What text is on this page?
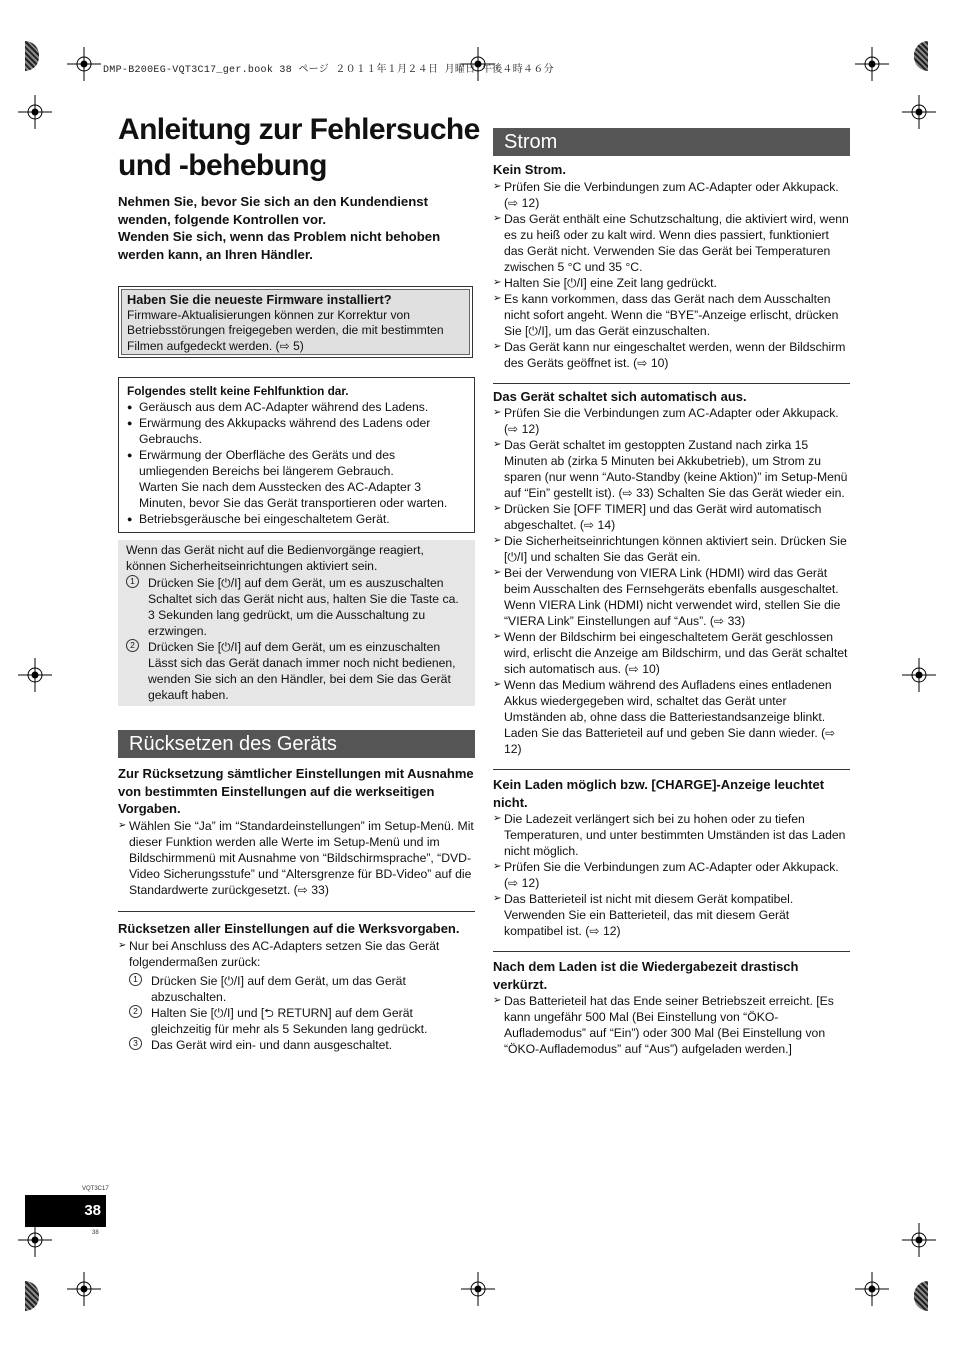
DMP-B200EG-VQT3C17_ger.book 38 ページ ２０１１年１月２４日 月曜日 午後４時４６分
Anleitung zur Fehlersuche
und -behebung

Nehmen Sie, bevor Sie sich an den Kundendienst wenden, folgende Kontrollen vor.

Wenden Sie sich, wenn das Problem nicht behoben werden kann, an Ihren Händler.

Haben Sie die neueste Firmware installiert?
Firmware-Aktualisierungen können zur Korrektur von Betriebsstörungen freigegeben werden, die mit bestimmten Filmen aufgedeckt werden. (⇨ 5)
Folgendes stellt keine Fehlfunktion dar.
● Geräusch aus dem AC-Adapter während des Ladens.
● Erwärmung des Akkupacks während des Ladens oder Gebrauchs.
● Erwärmung der Oberfläche des Geräts und des umliegenden Bereichs bei längerem Gebrauch.
Warten Sie nach dem Ausstecken des AC-Adapter 3 Minuten, bevor Sie das Gerät transportieren oder warten.
● Betriebsgeräusche bei eingeschaltetem Gerät.
Wenn das Gerät nicht auf die Bedienvorgänge reagiert, können Sicherheitseinrichtungen aktiviert sein.
1	Drücken Sie [⏻/I] auf dem Gerät, um es auszuschalten Schaltet sich das Gerät nicht aus, halten Sie die Taste ca. 3 Sekunden lang gedrückt, um die Ausschaltung zu erzwingen.
2	Drücken Sie [⏻/I] auf dem Gerät, um es einzuschalten Lässt sich das Gerät danach immer noch nicht bedienen, wenden Sie sich an den Händler, bei dem Sie das Gerät gekauft haben.
Rücksetzen des Geräts
Zur Rücksetzung sämtlicher Einstellungen mit Ausnahme von bestimmten Einstellungen auf die werkseitigen Vorgaben.
➢ Wählen Sie “Ja” im “Standardeinstellungen” im Setup-Menü. Mit dieser Funktion werden alle Werte im Setup-Menü und im Bildschirmmenü mit Ausnahme von “Bildschirmsprache”, “DVD-Video Sicherungsstufe” und “Altersgrenze für BD-Video” auf die Standardwerte zurückgesetzt. (⇨ 33)
Rücksetzen aller Einstellungen auf die Werksvorgaben.
➢ Nur bei Anschluss des AC-Adapters setzen Sie das Gerät folgendermaßen zurück:
1	Drücken Sie [⏻/I] auf dem Gerät, um das Gerät abzuschalten.
2	Halten Sie [⏻/I] und [⮌ RETURN] auf dem Gerät gleichzeitig für mehr als 5 Sekunden lang gedrückt.
3	Das Gerät wird ein- und dann ausgeschaltet.
Strom
Kein Strom.
➢ Prüfen Sie die Verbindungen zum AC-Adapter oder Akkupack. (⇨ 12)
➢ Das Gerät enthält eine Schutzschaltung, die aktiviert wird, wenn es zu heiß oder zu kalt wird. Wenn dies passiert, funktioniert das Gerät nicht. Verwenden Sie das Gerät bei Temperaturen zwischen 5 °C und 35 °C.
➢ Halten Sie [⏻/I] eine Zeit lang gedrückt.
➢ Es kann vorkommen, dass das Gerät nach dem Ausschalten nicht sofort angeht. Wenn die “BYE”-Anzeige erlischt, drücken Sie [⏻/I], um das Gerät einzuschalten.
➢ Das Gerät kann nur eingeschaltet werden, wenn der Bildschirm des Geräts geöffnet ist. (⇨ 10)
Das Gerät schaltet sich automatisch aus.
➢ Prüfen Sie die Verbindungen zum AC-Adapter oder Akkupack. (⇨ 12)
➢ Das Gerät schaltet im gestoppten Zustand nach zirka 15 Minuten ab (zirka 5 Minuten bei Akkubetrieb), um Strom zu sparen (nur wenn “Auto-Standby (keine Aktion)” im Setup-Menü auf “Ein” gestellt ist). (⇨ 33) Schalten Sie das Gerät wieder ein.
➢ Drücken Sie [OFF TIMER] und das Gerät wird automatisch abgeschaltet. (⇨ 14)
➢ Die Sicherheitseinrichtungen können aktiviert sein. Drücken Sie [⏻/I] und schalten Sie das Gerät ein.
➢ Bei der Verwendung von VIERA Link (HDMI) wird das Gerät beim Ausschalten des Fernsehgeräts ebenfalls ausgeschaltet. Wenn VIERA Link (HDMI) nicht verwendet wird, stellen Sie die “VIERA Link” Einstellungen auf “Aus”. (⇨ 33)
➢ Wenn der Bildschirm bei eingeschaltetem Gerät geschlossen wird, erlischt die Anzeige am Bildschirm, und das Gerät schaltet sich automatisch aus. (⇨ 10)
➢ Wenn das Medium während des Aufladens eines entladenen Akkus wiedergegeben wird, schaltet das Gerät unter Umständen ab, ohne dass die Batteriestandsanzeige blinkt. Laden Sie das Batterieteil auf und geben Sie dann wieder. (⇨ 12)
Kein Laden möglich bzw. [CHARGE]-Anzeige leuchtet nicht.
➢ Die Ladezeit verlängert sich bei zu hohen oder zu tiefen Temperaturen, und unter bestimmten Umständen ist das Laden nicht möglich.
➢ Prüfen Sie die Verbindungen zum AC-Adapter oder Akkupack. (⇨ 12)
➢ Das Batterieteil ist nicht mit diesem Gerät kompatibel. Verwenden Sie ein Batterieteil, das mit diesem Gerät kompatibel ist. (⇨ 12)
Nach dem Laden ist die Wiedergabezeit drastisch verkürzt.
➢ Das Batterieteil hat das Ende seiner Betriebszeit erreicht. [Es kann ungefähr 500 Mal (Bei Einstellung von “ÖKO-Auflademodus” auf “Ein”) oder 300 Mal (Bei Einstellung von “ÖKO-Auflademodus” auf “Aus”) aufgeladen werden.]
VQT3C17
38
38
